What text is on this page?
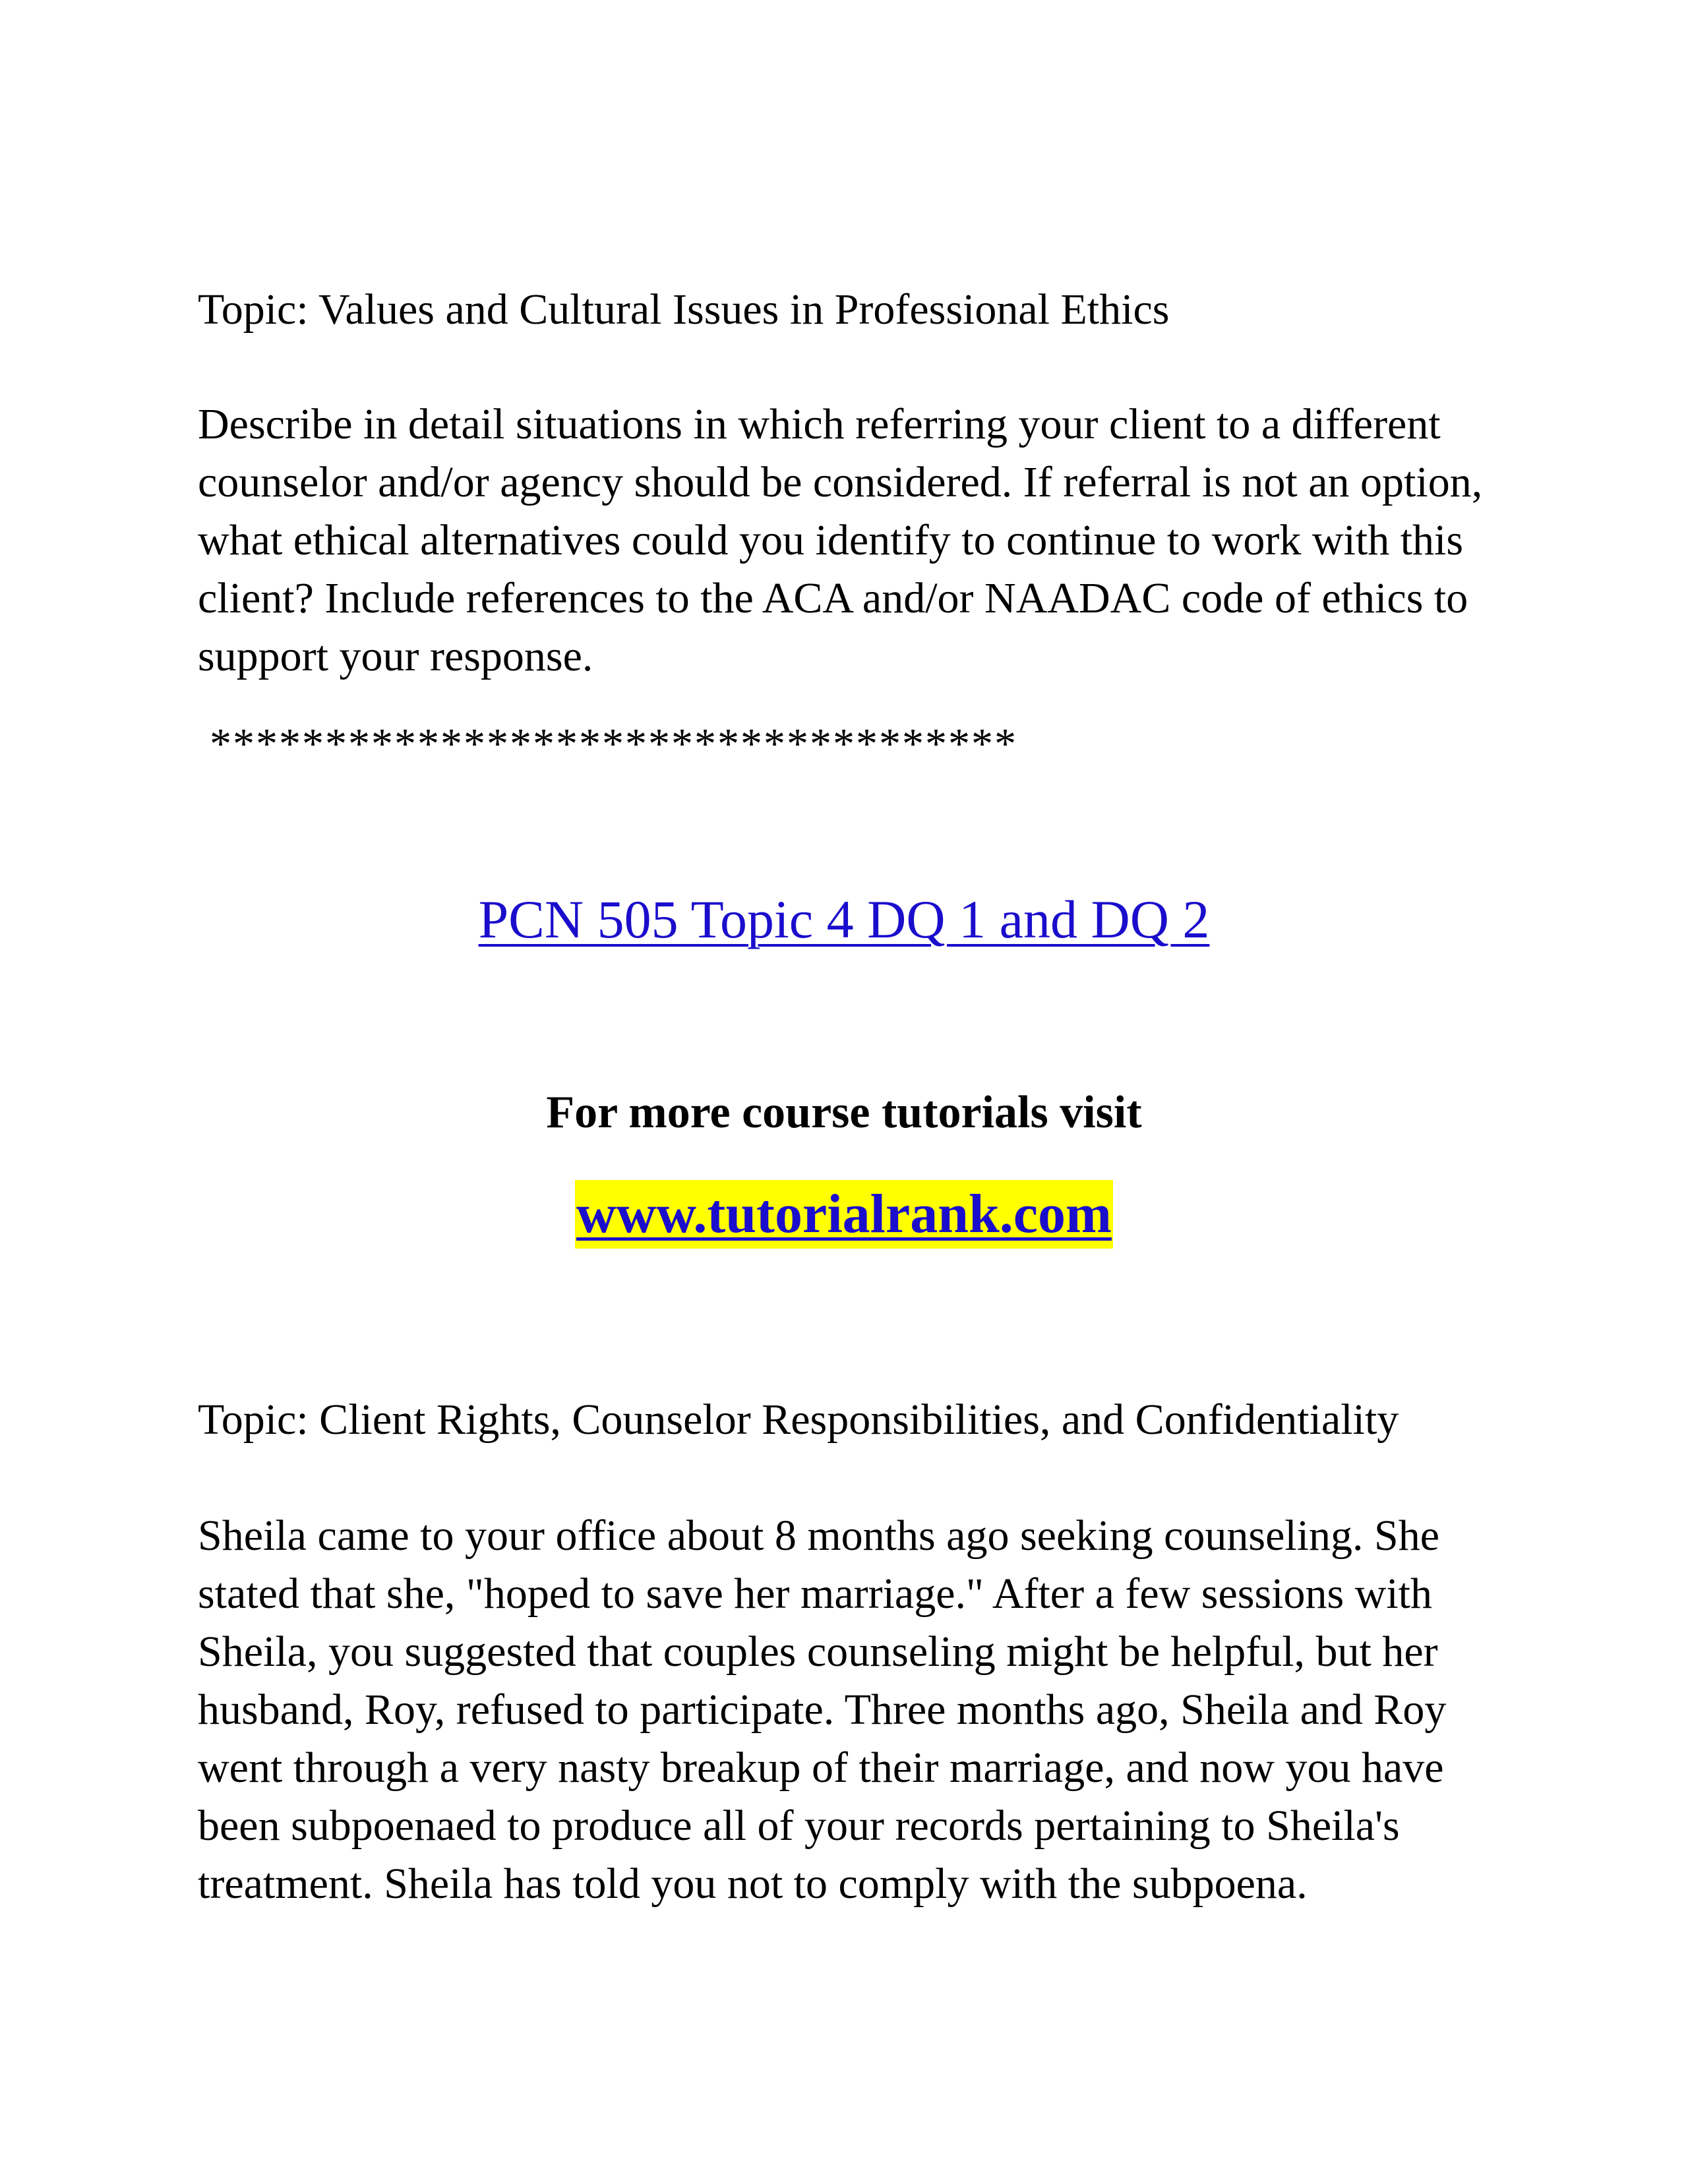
Topic: Values and Cultural Issues in Professional Ethics

Describe in detail situations in which referring your client to a different counselor and/or agency should be considered. If referral is not an option, what ethical alternatives could you identify to continue to work with this client? Include references to the ACA and/or NAADAC code of ethics to support your response.

***********************************

PCN 505 Topic 4 DQ 1 and DQ 2

For more course tutorials visit

www.tutorialrank.com

Topic: Client Rights, Counselor Responsibilities, and Confidentiality

Sheila came to your office about 8 months ago seeking counseling. She stated that she, "hoped to save her marriage." After a few sessions with Sheila, you suggested that couples counseling might be helpful, but her husband, Roy, refused to participate. Three months ago, Sheila and Roy went through a very nasty breakup of their marriage, and now you have been subpoenaed to produce all of your records pertaining to Sheila's treatment. Sheila has told you not to comply with the subpoena.
